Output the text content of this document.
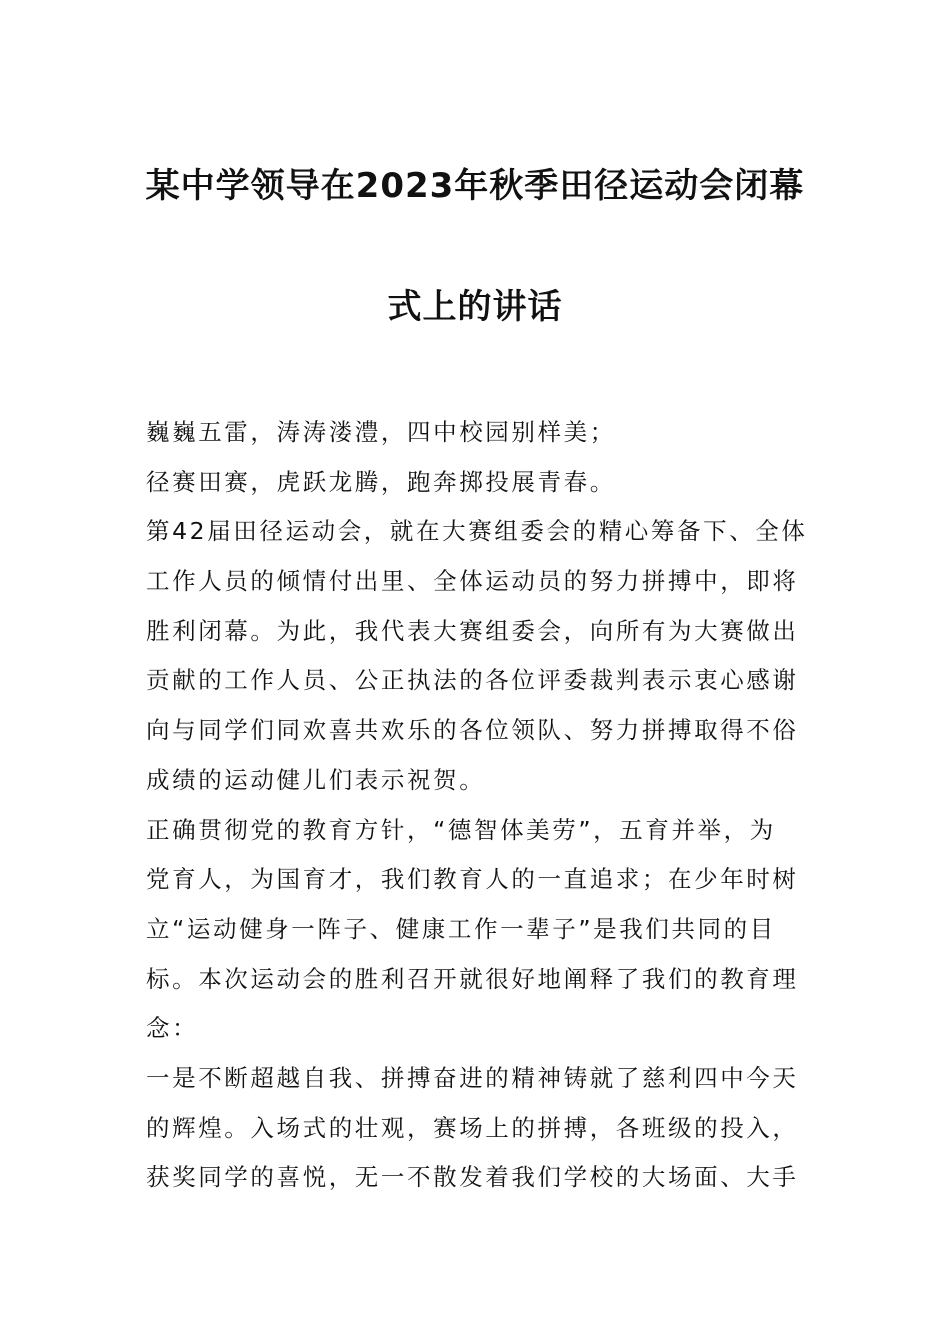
某中学领导在2023年秋季田径运动会闭幕
式上的讲话
巍巍五雷，涛涛溇澧，四中校园别样美；
径赛田赛，虎跃龙腾，跑奔掷投展青春。
第42届田径运动会，就在大赛组委会的精心筹备下、全体
工作人员的倾情付出里、全体运动员的努力拼搏中，即将
胜利闭幕。为此，我代表大赛组委会，向所有为大赛做出
贡献的工作人员、公正执法的各位评委裁判表示衷心感谢
向与同学们同欢喜共欢乐的各位领队、努力拼搏取得不俗
成绩的运动健儿们表示祝贺。
正确贯彻党的教育方针，“德智体美劳”，五育并举，为
党育人，为国育才，我们教育人的一直追求；在少年时树
立“运动健身一阵子、健康工作一辈子”是我们共同的目
标。本次运动会的胜利召开就很好地阐释了我们的教育理
念：
一是不断超越自我、拼搏奋进的精神铸就了慈利四中今天
的辉煌。入场式的壮观，赛场上的拼搏，各班级的投入，
获奖同学的喜悦，无一不散发着我们学校的大场面、大手
